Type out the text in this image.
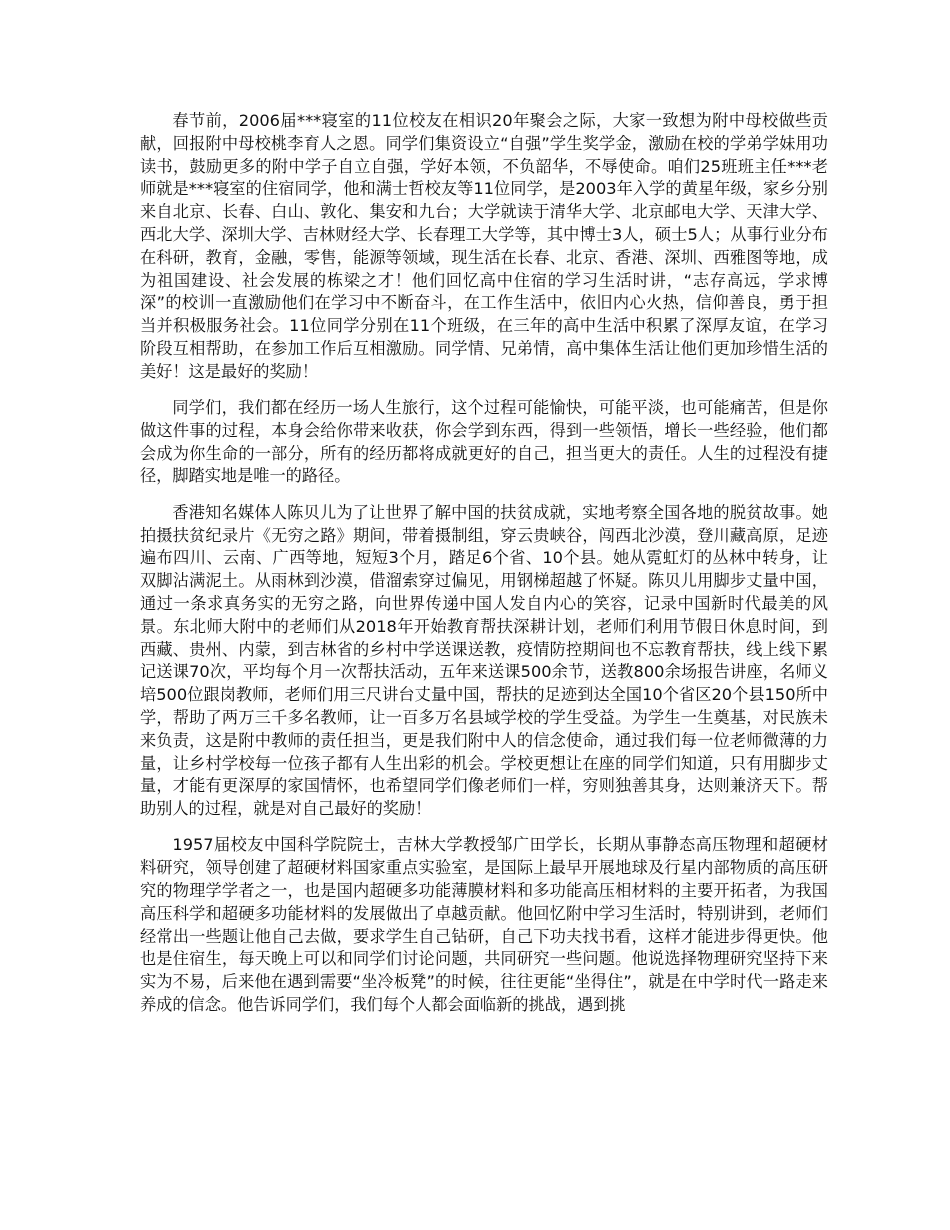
春节前，2006届***寝室的11位校友在相识20年聚会之际，大家一致想为附中母校做些贡献，回报附中母校桃李育人之恩。同学们集资设立“自强”学生奖学金，激励在校的学弟学妹用功读书，鼓励更多的附中学子自立自强，学好本领，不负韶华，不辱使命。咱们25班班主任***老师就是***寝室的住宿同学，他和满士哲校友等11位同学，是2003年入学的黄星年级，家乡分别来自北京、长春、白山、敦化、集安和九台；大学就读于清华大学、北京邮电大学、天津大学、西北大学、深圳大学、吉林财经大学、长春理工大学等，其中博士3人，硕士5人；从事行业分布在科研，教育，金融，零售，能源等领域，现生活在长春、北京、香港、深圳、西雅图等地，成为祖国建设、社会发展的栋梁之才！他们回忆高中住宿的学习生活时讲，“志存高远，学求博深”的校训一直激励他们在学习中不断奋斗，在工作生活中，依旧内心火热，信仰善良，勇于担当并积极服务社会。11位同学分别在11个班级，在三年的高中生活中积累了深厚友谊，在学习阶段互相帮助，在参加工作后互相激励。同学情、兄弟情，高中集体生活让他们更加珍惜生活的美好！这是最好的奖励！

同学们，我们都在经历一场人生旅行，这个过程可能愉快，可能平淡，也可能痛苦，但是你做这件事的过程，本身会给你带来收获，你会学到东西，得到一些领悟，增长一些经验，他们都会成为你生命的一部分，所有的经历都将成就更好的自己，担当更大的责任。人生的过程没有捷径，脚踏实地是唯一的路径。

香港知名媒体人陈贝儿为了让世界了解中国的扶贫成就，实地考察全国各地的脱贫故事。她拍摄扶贫纪录片《无穷之路》期间，带着摄制组，穿云贵峡谷，闯西北沙漠，登川藏高原，足迹遍布四川、云南、广西等地，短短3个月，踏足6个省、10个县。她从霓虹灯的丛林中转身，让双脚沾满泥土。从雨林到沙漠，借溜索穿过偏见，用钢梯超越了怀疑。陈贝儿用脚步丈量中国，通过一条求真务实的无穷之路，向世界传递中国人发自内心的笑容，记录中国新时代最美的风景。东北师大附中的老师们从2018年开始教育帮扶深耕计划，老师们利用节假日休息时间，到西藏、贵州、内蒙，到吉林省的乡村中学送课送教，疫情防控期间也不忘教育帮扶，线上线下累记送课70次，平均每个月一次帮扶活动，五年来送课500余节，送教800余场报告讲座，名师义培500位跟岗教师，老师们用三尺讲台丈量中国，帮扶的足迹到达全国10个省区20个县150所中学，帮助了两万三千多名教师，让一百多万名县域学校的学生受益。为学生一生奠基，对民族未来负责，这是附中教师的责任担当，更是我们附中人的信念使命，通过我们每一位老师微薄的力量，让乡村学校每一位孩子都有人生出彩的机会。学校更想让在座的同学们知道，只有用脚步丈量，才能有更深厚的家国情怀，也希望同学们像老师们一样，穷则独善其身，达则兼济天下。帮助别人的过程，就是对自己最好的奖励！

1957届校友中国科学院院士，吉林大学教授邹广田学长，长期从事静态高压物理和超硬材料研究，领导创建了超硬材料国家重点实验室，是国际上最早开展地球及行星内部物质的高压研究的物理学学者之一，也是国内超硬多功能薄膜材料和多功能高压相材料的主要开拓者，为我国高压科学和超硬多功能材料的发展做出了卓越贡献。他回忆附中学习生活时，特别讲到，老师们经常出一些题让他自己去做，要求学生自己钻研，自己下功夫找书看，这样才能进步得更快。他也是住宿生，每天晚上可以和同学们讨论问题，共同研究一些问题。他说选择物理研究坚持下来实为不易，后来他在遇到需要“坐冷板凳”的时候，往往更能“坐得住”，就是在中学时代一路走来养成的信念。他告诉同学们，我们每个人都会面临新的挑战，遇到挑
